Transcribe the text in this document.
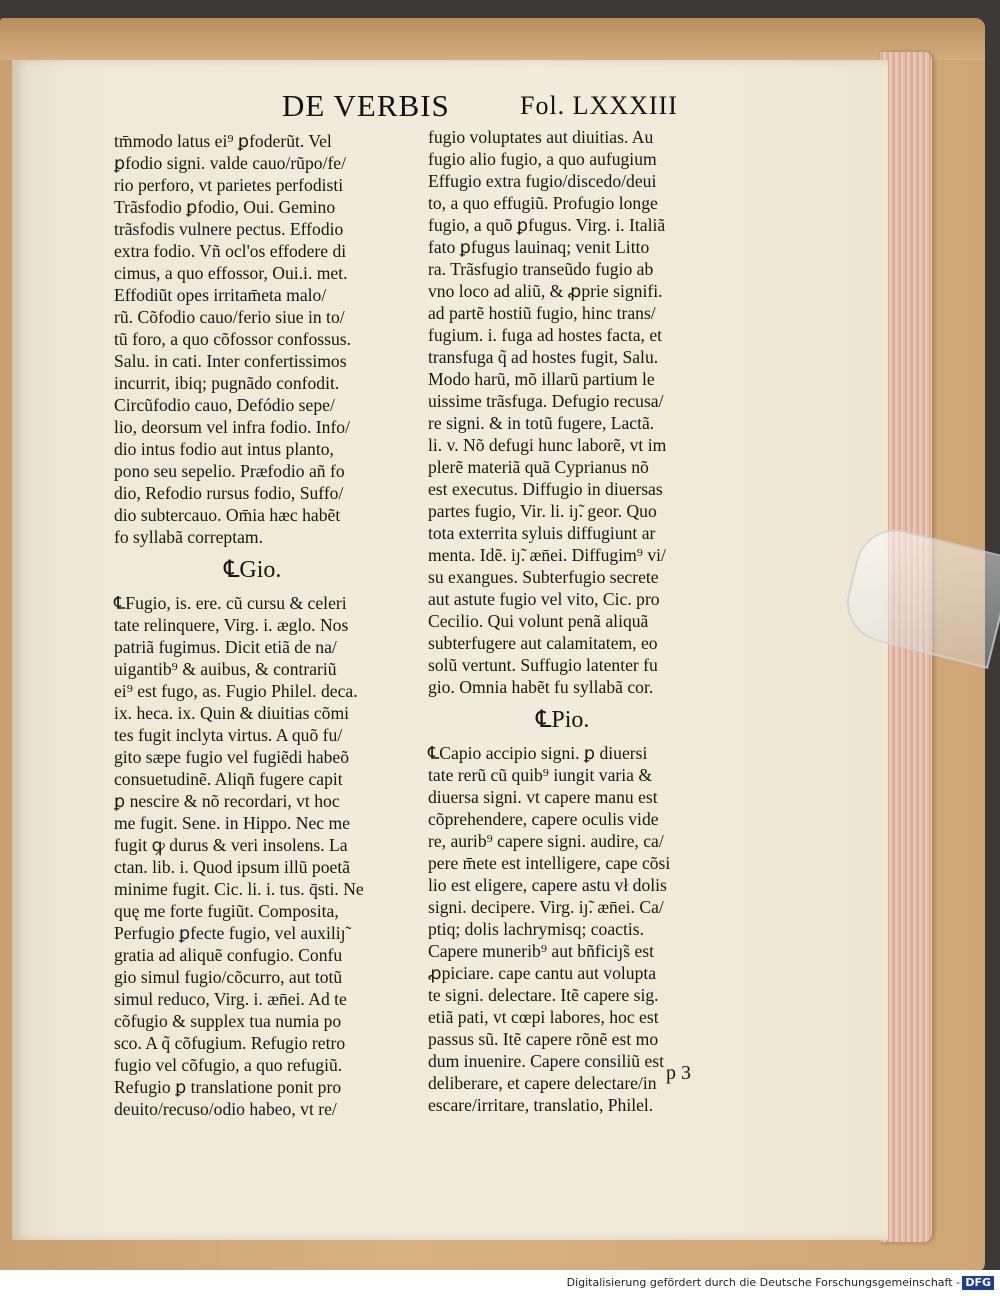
DE VERBIS	Fol. LXXXIII
tm̄modo latus ei⁹ ꝑfoderũt. Vel
ꝑfodio signi. valde cauo/rũpo/fe/
rio perforo, vt parietes perfodisti
Trãsfodio ꝑfodio, Oui. Gemino
trãsfodis vulnere pectus. Effodio
extra fodio. Vñ ocl'os effodere di
cimus, a quo effossor, Oui.i. met.
Effodiũt opes irritam̄eta malo/
rũ. Cõfodio cauo/ferio siue in to/
tũ foro, a quo cõfossor confossus.
Salu. in cati. Inter confertissimos
incurrit, ibiq; pugnãdo confodit.
Circũfodio cauo, Defódio sepe/
lio, deorsum vel infra fodio. Info/
dio intus fodio aut intus planto,
pono seu sepelio. Præfodio añ fo
dio, Refodio rursus fodio, Suffo/
dio subtercauo. Om̄ia hæc habẽt
fo syllabã correptam.
℄Gio.
℄Fugio, is. ere. cũ cursu & celeri
tate relinquere, Virg. i. æglo. Nos
patriã fugimus. Dicit etiã de na/
uigantib⁹ & auibus, & contrariũ
ei⁹ est fugo, as. Fugio Philel. deca.
ix. heca. ix. Quin & diuitias cõmi
tes fugit inclyta virtus. A quõ fu/
gito sæpe fugio vel fugiẽdi habeõ
consuetudinẽ. Aliqñ fugere capit
ꝑ nescire & nõ recordari, vt hoc
me fugit. Sene. in Hippo. Nec me
fugit ꝙ durus & veri insolens. La
ctan. lib. i. Quod ipsum illũ poetã
minime fugit. Cic. li. i. tus. q̄sti. Ne
quę me forte fugiũt. Composita,
Perfugio ꝑfecte fugio, vel auxiliȷ̃
gratia ad aliquẽ confugio. Confu
gio simul fugio/cõcurro, aut totũ
simul reduco, Virg. i. æn̄ei. Ad te
cõfugio & supplex tua numia po
sco. A q̃ cõfugium. Refugio retro
fugio vel cõfugio, a quo refugiũ.
Refugio ꝑ translatione ponit pro
deuito/recuso/odio habeo, vt re/
fugio voluptates aut diuitias. Au
fugio alio fugio, a quo aufugium
Effugio extra fugio/discedo/deui
to, a quo effugiũ. Profugio longe
fugio, a quõ ꝑfugus. Virg. i. Italiã
fato ꝑfugus lauinaq; venit Litto
ra. Trãsfugio transeũdo fugio ab
vno loco ad aliũ, & ꝓprie signifi.
ad partẽ hostiũ fugio, hinc trans/
fugium. i. fuga ad hostes facta, et
transfuga q̃ ad hostes fugit, Salu.
Modo harũ, mõ illarũ partium le
uissime trãsfuga. Defugio recusa/
re signi. & in totũ fugere, Lactã.
li. v. Nõ defugi hunc laborẽ, vt im
plerẽ materiã quã Cyprianus nõ
est executus. Diffugio in diuersas
partes fugio, Vir. li. iȷ̃. geor. Quo
tota exterrita syluis diffugiunt ar
menta. Idẽ. iȷ̃. æn̄ei. Diffugim⁹ vi/
su exangues. Subterfugio secrete
aut astute fugio vel vito, Cic. pro
Cecilio. Qui volunt penã aliquã
subterfugere aut calamitatem, eo
solũ vertunt. Suffugio latenter fu
gio. Omnia habẽt fu syllabã cor.
℄Pio.
℄Capio accipio signi. ꝑ diuersi
tate rerũ cũ quib⁹ iungit varia &
diuersa signi. vt capere manu est
cõprehendere, capere oculis vide
re, aurib⁹ capere signi. audire, ca/
pere m̄ete est intelligere, cape cõsi
lio est eligere, capere astu vł dolis
signi. decipere. Virg. iȷ̃. æn̄ei. Ca/
ptiq; dolis lachrymisq; coactis.
Capere munerib⁹ aut bñficiȷ̃s est
ꝓpiciare. cape cantu aut volupta
te signi. delectare. Itẽ capere sig.
etiã pati, vt cœpi labores, hoc est
passus sũ. Itẽ capere rõnẽ est mo
dum inuenire. Capere consiliũ est
deliberare, et capere delectare/in
escare/irritare, translatio, Philel.
p 3
Digitalisierung gefördert durch die Deutsche Forschungsgemeinschaft - DFG
